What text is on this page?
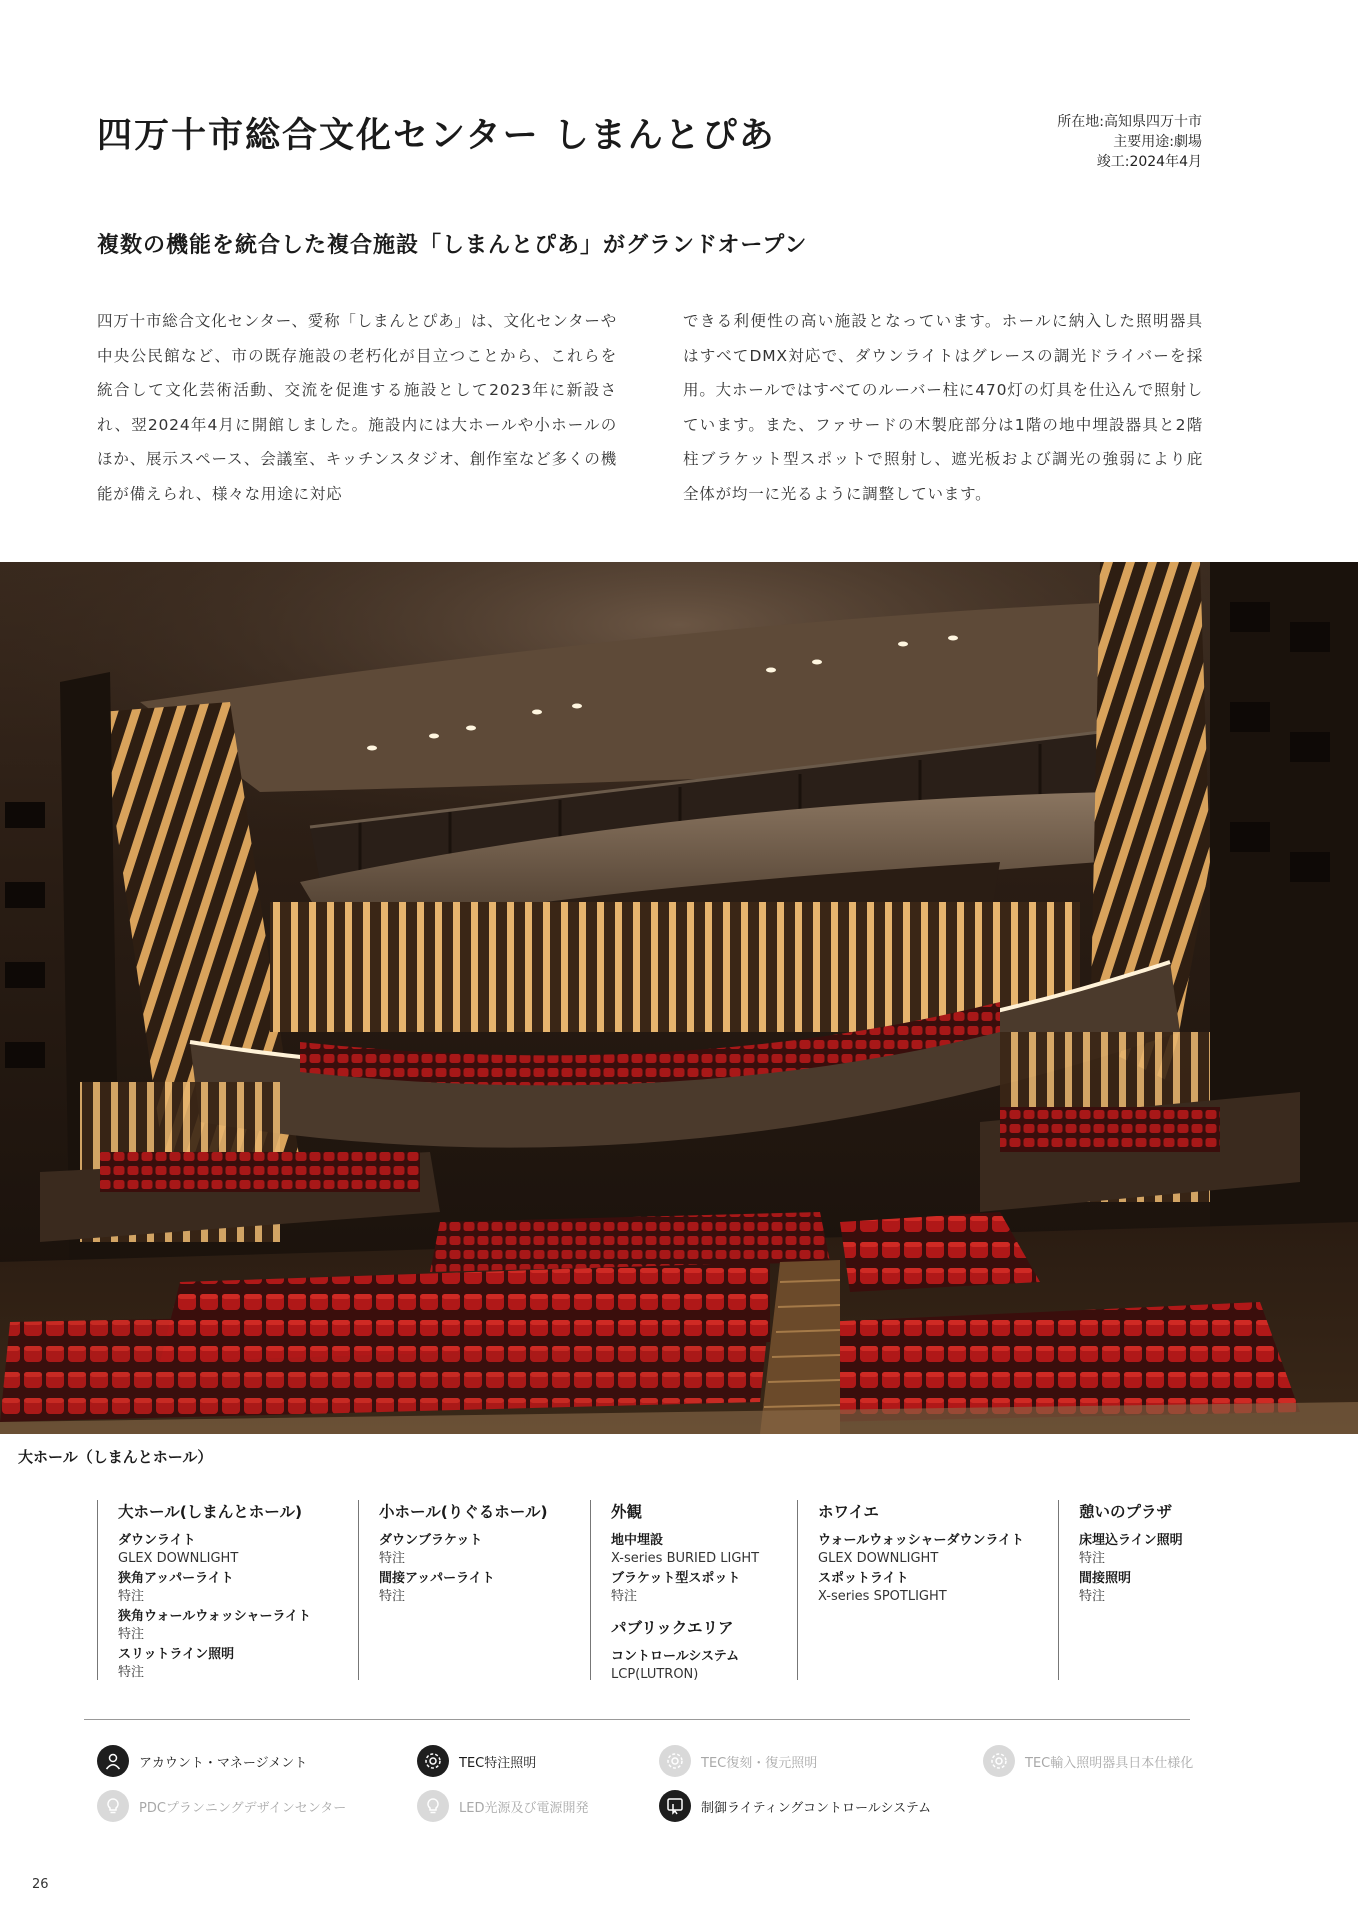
四万十市総合文化センター しまんとぴあ	所在地:高知県四万十市
主要用途:劇場
竣工:2024年4月
複数の機能を統合した複合施設「しまんとぴあ」がグランドオープン
四万十市総合文化センター、愛称「しまんとぴあ」は、文化センターや中央公民館など、市の既存施設の老朽化が目立つことから、これらを統合して文化芸術活動、交流を促進する施設として2023年に新設され、翌2024年4月に開館しました。施設内には大ホールや小ホールのほか、展示スペース、会議室、キッチンスタジオ、創作室など多くの機能が備えられ、様々な用途に対応
できる利便性の高い施設となっています。ホールに納入した照明器具はすべてDMX対応で、ダウンライトはグレースの調光ドライバーを採用。大ホールではすべてのルーバー柱に470灯の灯具を仕込んで照射しています。また、ファサードの木製庇部分は1階の地中埋設器具と2階柱ブラケット型スポットで照射し、遮光板および調光の強弱により庇全体が均一に光るように調整しています。
大ホール（しまんとホール）
大ホール(しまんとホール)
ダウンライト
GLEX DOWNLIGHT
狭角アッパーライト
特注
狭角ウォールウォッシャーライト
特注
スリットライン照明
特注
小ホール(りぐるホール)
ダウンブラケット
特注
間接アッパーライト
特注
外観
地中埋設
X-series BURIED LIGHT
ブラケット型スポット
特注
パブリックエリア
コントロールシステム
LCP(LUTRON)
ホワイエ
ウォールウォッシャーダウンライト
GLEX DOWNLIGHT
スポットライト
X-series SPOTLIGHT
憩いのプラザ
床埋込ライン照明
特注
間接照明
特注
アカウント・マネージメント	TEC特注照明	TEC復刻・復元照明	TEC輸入照明器具日本仕様化
PDCプランニングデザインセンター	LED光源及び電源開発	制御ライティングコントロールシステム
26
